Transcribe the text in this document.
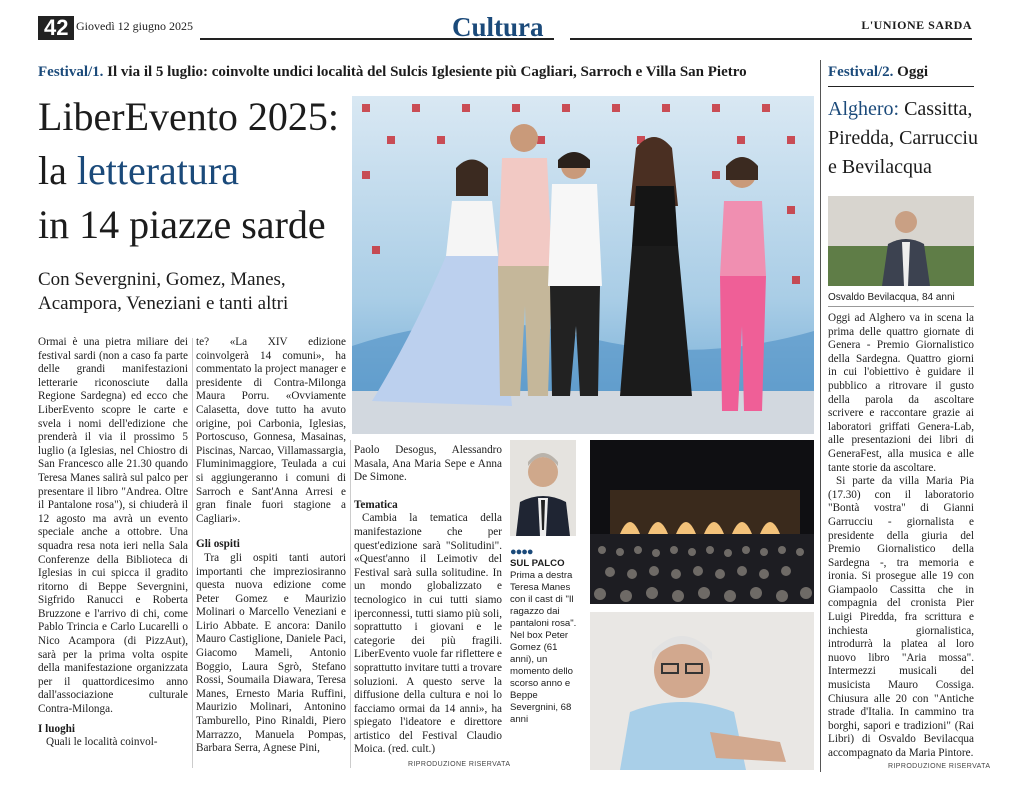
42 Giovedì 12 giugno 2025	Cultura	L'UNIONE SARDA
Festival/1. Il via il 5 luglio: coinvolte undici località del Sulcis Iglesiente più Cagliari, Sarroch e Villa San Pietro
LiberEvento 2025:
la letteratura
in 14 piazze sarde
Con Severgnini, Gomez, Manes, Acampora, Veneziani e tanti altri

Ormai è una pietra miliare dei festival sardi (non a caso fa parte delle grandi manifestazioni letterarie riconosciute dalla Regione Sardegna) ed ecco che LiberEvento scopre le carte e svela i nomi dell'edizione che prenderà il via il prossimo 5 luglio (a Iglesias, nel Chiostro di San Francesco alle 21.30 quando Teresa Manes salirà sul palco per presentare il libro "Andrea. Oltre il Pantalone rosa"), si chiuderà il 12 agosto ma avrà un evento speciale anche a ottobre. Una squadra resa nota ieri nella Sala Conferenze della Biblioteca di Iglesias in cui spicca il gradito ritorno di Beppe Severgnini, Sigfrido Ranucci e Roberta Bruzzone e l'arrivo di chi, come Pablo Trincia e Carlo Lucarelli o Nico Acampora (di PizzAut), sarà per la prima volta ospite della manifestazione organizzata per il quattordicesimo anno dall'associazione culturale Contra-Milonga.

I luoghi

Quali le località coinvol-

te? «La XIV edizione coinvolgerà 14 comuni», ha commentato la project manager e presidente di Contra-Milonga Maura Porru. «Ovviamente Calasetta, dove tutto ha avuto origine, poi Carbonia, Iglesias, Portoscuso, Gonnesa, Masainas, Piscinas, Narcao, Villamassargia, Fluminimaggiore, Teulada a cui si aggiungeranno i comuni di Sarroch e Sant'Anna Arresi e gran finale fuori stagione a Cagliari».

Gli ospiti

Tra gli ospiti tanti autori importanti che impreziosiranno questa nuova edizione come Peter Gomez e Maurizio Molinari o Marcello Veneziani e Lirio Abbate. E ancora: Danilo Mauro Castiglione, Daniele Paci, Giacomo Mameli, Antonio Boggio, Laura Sgrò, Stefano Rossi, Soumaila Diawara, Teresa Manes, Ernesto Maria Ruffini, Maurizio Molinari, Antonino Tamburello, Pino Rinaldi, Piero Marrazzo, Manuela Pompas, Barbara Serra, Agnese Pini,

Paolo Desogus, Alessandro Masala, Ana Maria Sepe e Anna De Simone.

Tematica

Cambia la tematica della manifestazione che per quest'edizione sarà "Solitudini". «Quest'anno il Leimotiv del Festival sarà sulla solitudine. In un mondo globalizzato e tecnologico in cui tutti siamo iperconnessi, tutti siamo più soli, soprattutto i giovani e le categorie dei più fragili. LiberEvento vuole far riflettere e soprattutto invitare tutti a trovare soluzioni. A questo serve la diffusione della cultura e noi lo facciamo ormai da 14 anni», ha spiegato l'ideatore e direttore artistico del Festival Claudio Moica. (red. cult.)

RIPRODUZIONE RISERVATA
●●●●
SUL PALCO
Prima a destra Teresa Manes con il cast di "Il ragazzo dai pantaloni rosa". Nel box Peter Gomez (61 anni), un momento dello scorso anno e Beppe Severgnini, 68 anni
Festival/2. Oggi
Alghero: Cassitta, Piredda, Carrucciu e Bevilacqua
Osvaldo Bevilacqua, 84 anni

Oggi ad Alghero va in scena la prima delle quattro giornate di Genera - Premio Giornalistico della Sardegna. Quattro giorni in cui l'obiettivo è guidare il pubblico a ritrovare il gusto della parola da ascoltare scrivere e raccontare grazie ai laboratori griffati Genera-Lab, alle presentazioni dei libri di GeneraFest, alla musica e alle tante storie da ascoltare.

Si parte da villa Maria Pia (17.30) con il laboratorio "Bontà vostra" di Gianni Garrucciu - giornalista e presidente della giuria del Premio Giornalistico della Sardegna -, tra memoria e ironia. Si prosegue alle 19 con Giampaolo Cassitta che in compagnia del cronista Pier Luigi Piredda, fra scrittura e inchiesta giornalistica, introdurrà la platea al loro nuovo libro "Aria mossa". Intermezzi musicali del musicista Mauro Cossiga. Chiusura alle 20 con "Antiche strade d'Italia. In cammino tra borghi, sapori e tradizioni" (Rai Libri) di Osvaldo Bevilacqua accompagnato da Maria Pintore.

RIPRODUZIONE RISERVATA
